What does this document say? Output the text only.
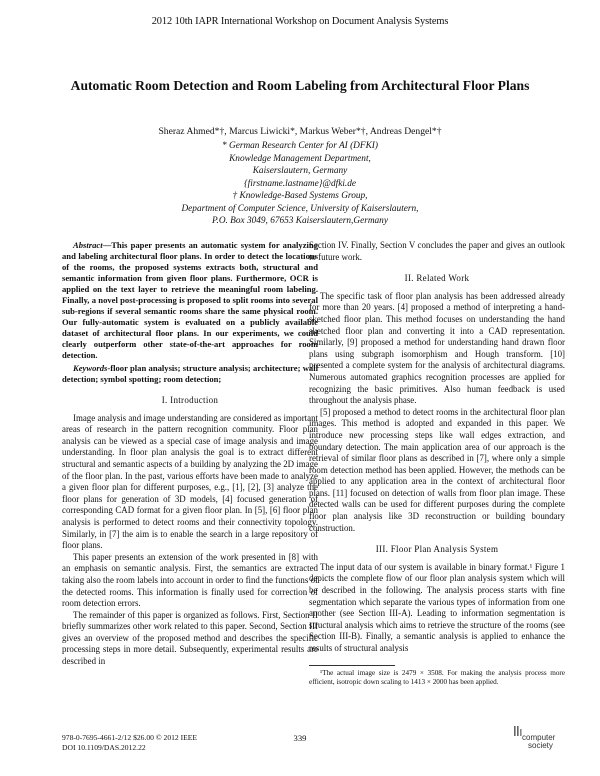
2012 10th IAPR International Workshop on Document Analysis Systems
Automatic Room Detection and Room Labeling from Architectural Floor Plans
Sheraz Ahmed*†, Marcus Liwicki*, Markus Weber*†, Andreas Dengel*†
* German Research Center for AI (DFKI)
Knowledge Management Department,
Kaiserslautern, Germany
{firstname.lastname}@dfki.de
† Knowledge-Based Systems Group,
Department of Computer Science, University of Kaiserslautern,
P.O. Box 3049, 67653 Kaiserslautern,Germany

Abstract—This paper presents an automatic system for analyzing and labeling architectural floor plans. In order to detect the locations of the rooms, the proposed systems extracts both, structural and semantic information from given floor plans. Furthermore, OCR is applied on the text layer to retrieve the meaningful room labeling. Finally, a novel post-processing is proposed to split rooms into several sub-regions if several semantic rooms share the same physical room. Our fully-automatic system is evaluated on a publicly available dataset of architectural floor plans. In our experiments, we could clearly outperform other state-of-the-art approaches for room detection.

Keywords-floor plan analysis; structure analysis; architecture; wall detection; symbol spotting; room detection;

I. Introduction

Image analysis and image understanding are considered as important areas of research in the pattern recognition community. Floor plan analysis can be viewed as a special case of image analysis and image understanding. In floor plan analysis the goal is to extract different structural and semantic aspects of a building by analyzing the 2D image of the floor plan. In the past, various efforts have been made to analyze a given floor plan for different purposes, e.g., [1], [2], [3] analyze the floor plans for generation of 3D models, [4] focused generation of corresponding CAD format for a given floor plan. In [5], [6] floor plan analysis is performed to detect rooms and their connectivity topology. Similarly, in [7] the aim is to enable the search in a large repository of floor plans.

This paper presents an extension of the work presented in [8] with an emphasis on semantic analysis. First, the semantics are extracted taking also the room labels into account in order to find the functions of the detected rooms. This information is finally used for correction of room detection errors.

The remainder of this paper is organized as follows. First, Section II briefly summarizes other work related to this paper. Second, Section III gives an overview of the proposed method and describes the specific processing steps in more detail. Subsequently, experimental results are described in

Section IV. Finally, Section V concludes the paper and gives an outlook to future work.

II. Related Work

The specific task of floor plan analysis has been addressed already for more than 20 years. [4] proposed a method of interpreting a hand-sketched floor plan. This method focuses on understanding the hand sketched floor plan and converting it into a CAD representation. Similarly, [9] proposed a method for understanding hand drawn floor plans using subgraph isomorphism and Hough transform. [10] presented a complete system for the analysis of architectural diagrams. Numerous automated graphics recognition processes are applied for recognizing the basic primitives. Also human feedback is used throughout the analysis phase.

[5] proposed a method to detect rooms in the architectural floor plan images. This method is adopted and expanded in this paper. We introduce new processing steps like wall edges extraction, and boundary detection. The main application area of our approach is the retrieval of similar floor plans as described in [7], where only a simple room detection method has been applied. However, the methods can be applied to any application area in the context of architectural floor plans. [11] focused on detection of walls from floor plan image. These detected walls can be used for different purposes during the complete floor plan analysis like 3D reconstruction or building boundary construction.

III. Floor Plan Analysis System

The input data of our system is available in binary format.¹ Figure 1 depicts the complete flow of our floor plan analysis system which will be described in the following. The analysis process starts with fine segmentation which separate the various types of information from one another (see Section III-A). Leading to information segmentation is structural analysis which aims to retrieve the structure of the rooms (see Section III-B). Finally, a semantic analysis is applied to enhance the results of structural analysis

¹The actual image size is 2479 × 3508. For making the analysis process more efficient, isotropic down scaling to 1413 × 2000 has been applied.

978-0-7695-4661-2/12 $26.00 © 2012 IEEE
DOI 10.1109/DAS.2012.22
339	computer
society
